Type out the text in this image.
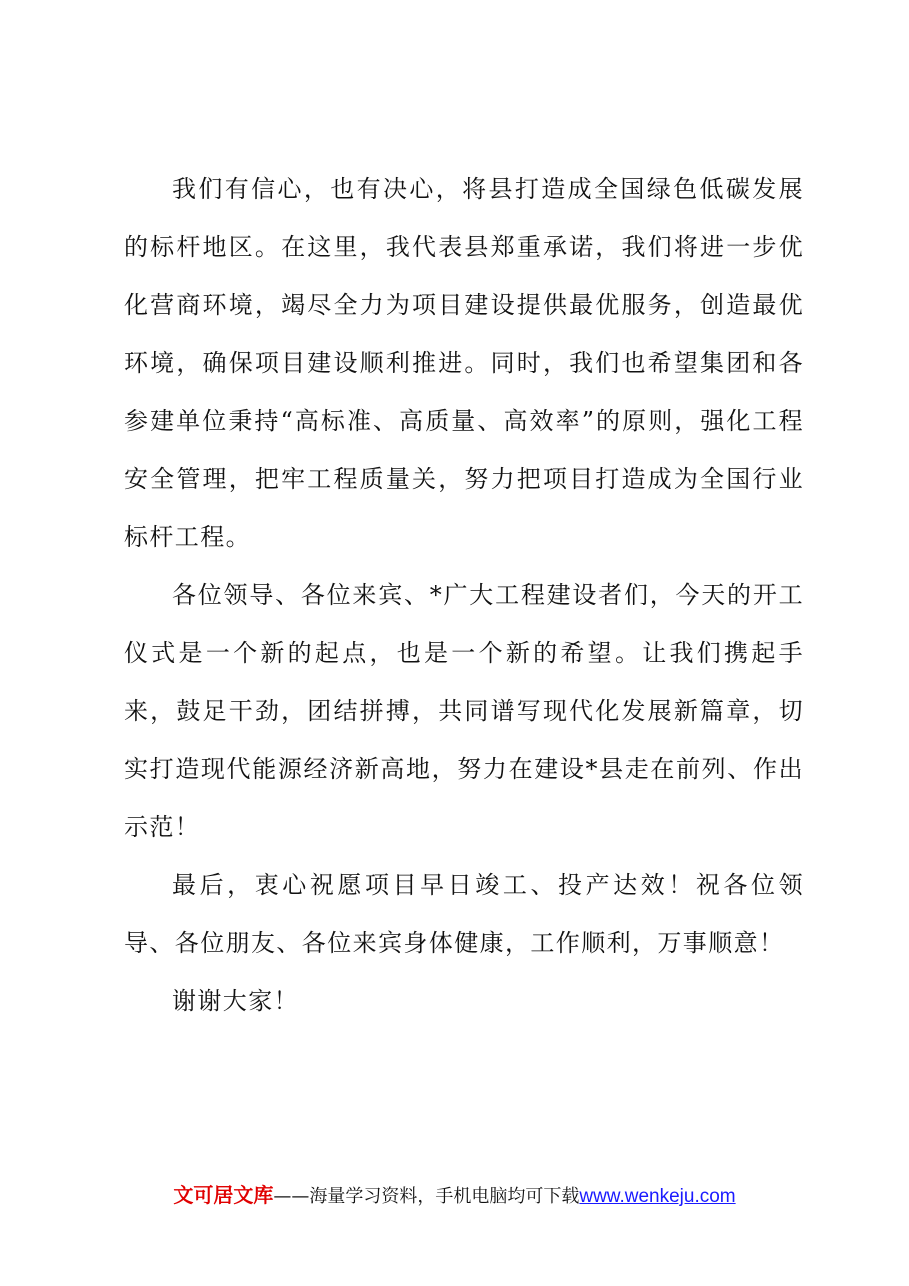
我们有信心，也有决心，将县打造成全国绿色低碳发展的标杆地区。在这里，我代表县郑重承诺，我们将进一步优化营商环境，竭尽全力为项目建设提供最优服务，创造最优环境，确保项目建设顺利推进。同时，我们也希望集团和各参建单位秉持“高标准、高质量、高效率”的原则，强化工程安全管理，把牢工程质量关，努力把项目打造成为全国行业标杆工程。

各位领导、各位来宾、*广大工程建设者们，今天的开工仪式是一个新的起点，也是一个新的希望。让我们携起手来，鼓足干劲，团结拼搏，共同谱写现代化发展新篇章，切实打造现代能源经济新高地，努力在建设*县走在前列、作出示范！

最后，衷心祝愿项目早日竣工、投产达效！祝各位领导、各位朋友、各位来宾身体健康，工作顺利，万事顺意！

谢谢大家！

文可居文库——海量学习资料，手机电脑均可下载www.wenkeju.com
